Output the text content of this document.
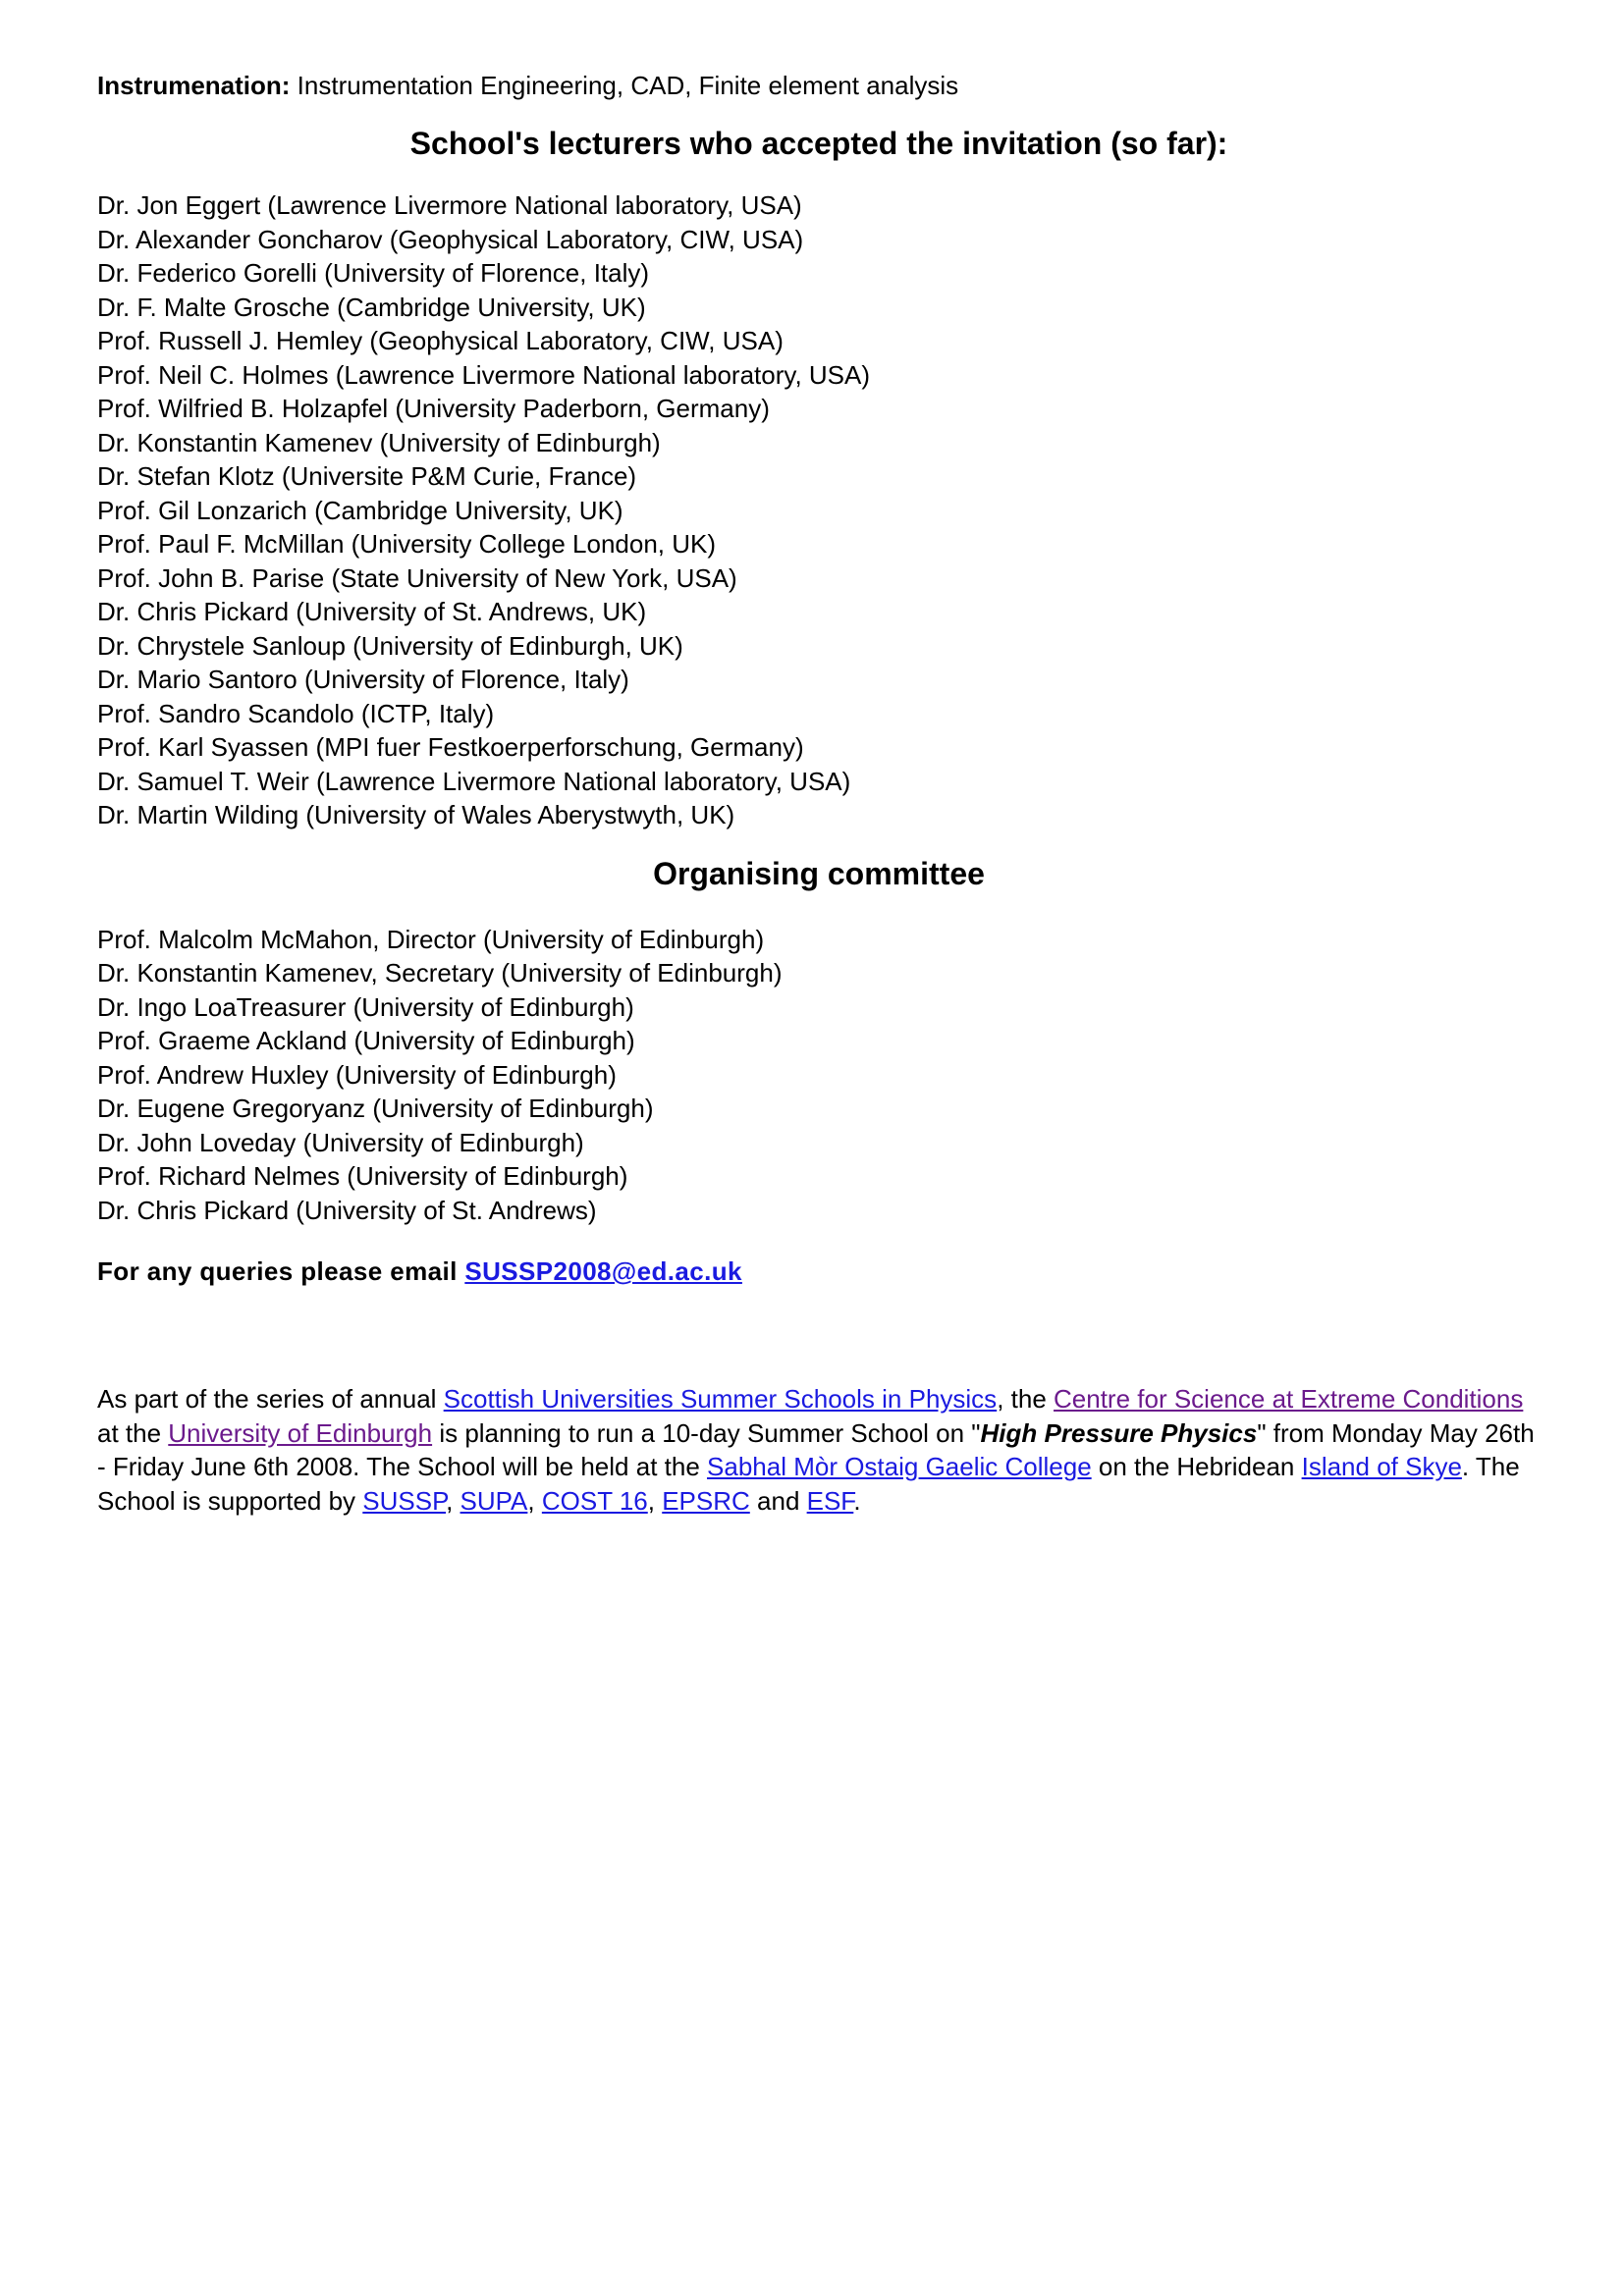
Instrumenation: Instrumentation Engineering, CAD, Finite element analysis

School's lecturers who accepted the invitation (so far):

Dr. Jon Eggert (Lawrence Livermore National laboratory, USA)

Dr. Alexander Goncharov (Geophysical Laboratory, CIW, USA)

Dr. Federico Gorelli (University of Florence, Italy)

Dr. F. Malte Grosche (Cambridge University, UK)

Prof. Russell J. Hemley (Geophysical Laboratory, CIW, USA)

Prof. Neil C. Holmes (Lawrence Livermore National laboratory, USA)

Prof. Wilfried B. Holzapfel (University Paderborn, Germany)

Dr. Konstantin Kamenev (University of Edinburgh)

Dr. Stefan Klotz (Universite P&M Curie, France)

Prof. Gil Lonzarich (Cambridge University, UK)

Prof. Paul F. McMillan (University College London, UK)

Prof. John B. Parise (State University of New York, USA)

Dr. Chris Pickard (University of St. Andrews, UK)

Dr. Chrystele Sanloup (University of Edinburgh, UK)

Dr. Mario Santoro (University of Florence, Italy)

Prof. Sandro Scandolo (ICTP, Italy)

Prof. Karl Syassen (MPI fuer Festkoerperforschung, Germany)

Dr. Samuel T. Weir (Lawrence Livermore National laboratory, USA)

Dr. Martin Wilding (University of Wales Aberystwyth, UK)

Organising committee

Prof. Malcolm McMahon, Director (University of Edinburgh)

Dr. Konstantin Kamenev, Secretary (University of Edinburgh)

Dr. Ingo LoaTreasurer (University of Edinburgh)

Prof. Graeme Ackland (University of Edinburgh)

Prof. Andrew Huxley (University of Edinburgh)

Dr. Eugene Gregoryanz (University of Edinburgh)

Dr. John Loveday (University of Edinburgh)

Prof. Richard Nelmes (University of Edinburgh)

Dr. Chris Pickard (University of St. Andrews)

For any queries please email SUSSP2008@ed.ac.uk

As part of the series of annual Scottish Universities Summer Schools in Physics, the Centre for Science at Extreme Conditions at the University of Edinburgh is planning to run a 10-day Summer School on "High Pressure Physics" from Monday May 26th - Friday June 6th 2008. The School will be held at the Sabhal Mòr Ostaig Gaelic College on the Hebridean Island of Skye. The School is supported by SUSSP, SUPA, COST 16, EPSRC and ESF.
